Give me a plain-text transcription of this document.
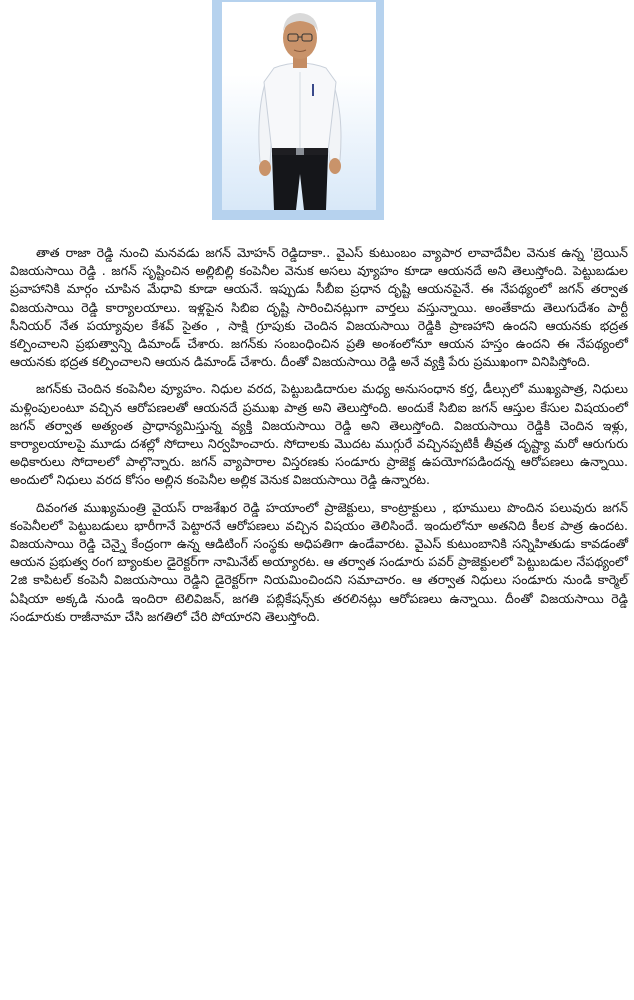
తాత రాజా రెడ్డి నుంచి మనవడు జగన్ మోహన్ రెడ్డిదాకా.. వైఎస్ కుటుంబం వ్యాపార లావాదేవీల వెనుక ఉన్న 'బ్రెయిన్ విజయసాయి రెడ్డి . జగన్ సృష్టించిన అల్లిబిల్లి కంపెనీల వెనుక అసలు వ్యూహం కూడా ఆయనదే అని తెలుస్తోంది. పెట్టుబడుల ప్రవాహానికి మార్గం చూపిన మేధావి కూడా ఆయనే. ఇప్పుడు సీబీఐ ప్రధాన దృష్టి ఆయనపైనే. ఈ నేపథ్యంలో జగన్ తర్వాత విజయసాయి రెడ్డి కార్యాలయాలు. ఇళ్లపైన సిబిఐ దృష్టి సారించినట్లుగా వార్తలు వస్తున్నాయి. అంతేకాదు తెలుగుదేశం పార్టీ సీనియర్ నేత పయ్యావుల కేశవ్ సైతం , సాక్షి గ్రూపుకు చెందిన విజయసాయి రెడ్డికి ప్రాణహాని ఉందని ఆయనకు భద్రత కల్పించాలని ప్రభుత్వాన్ని డిమాండ్ చేశారు. జగన్‌కు సంబంధించిన ప్రతి అంశంలోనూ ఆయన హస్తం ఉందని ఈ నేపథ్యంలో ఆయనకు భద్రత కల్పించాలని ఆయన డిమాండ్ చేశారు. దీంతో విజయసాయి రెడ్డి అనే వ్యక్తి పేరు ప్రముఖంగా వినిపిస్తోంది.

జగన్‌కు చెందిన కంపెనీల వ్యూహం. నిధుల వరద, పెట్టుబడిదారుల మధ్య అనుసంధాన కర్త, డీల్సులో ముఖ్యపాత్ర, నిధులు మళ్లింపులంటూ వచ్చిన ఆరోపణలతో ఆయనదే ప్రముఖ పాత్ర అని తెలుస్తోంది. అందుకే సిబిఐ జగన్ ఆస్తుల కేసుల విషయంలో జగన్ తర్వాత అత్యంత ప్రాధాన్యమిస్తున్న వ్యక్తి విజయసాయి రెడ్డి అని తెలుస్తోంది. విజయసాయి రెడ్డికి చెందిన ఇళ్లు, కార్యాలయాలపై మూడు దశల్లో సోదాలు నిర్వహించారు. సోదాలకు మొదట ముగ్గురే వచ్చినప్పటికీ తీవ్రత దృష్ట్యా మరో ఆరుగురు అధికారులు సోదాలలో పాల్గొన్నారు. జగన్ వ్యాపారాల విస్తరణకు సండూరు ప్రాజెక్ట ఉపయోగపడిందన్న ఆరోపణలు ఉన్నాయి. అందులో నిధులు వరద కోసం అల్లిన కంపెనీల అల్లిక వెనుక విజయసాయి రెడ్డి ఉన్నారట.

దివంగత ముఖ్యమంత్రి వైయస్ రాజశేఖర రెడ్డి హయాంలో ప్రాజెక్టులు, కాంట్రాక్టులు , భూములు పొందిన పలువురు జగన్ కంపెనీలలో పెట్టుబడులు భారీగానే పెట్టారనే ఆరోపణలు వచ్చిన విషయం తెలిసిందే. ఇందులోనూ అతనిది కీలక పాత్ర ఉందట. విజయసాయి రెడ్డి చెన్నై కేంద్రంగా ఉన్న ఆడిటింగ్ సంస్థకు అధిపతిగా ఉండేవారట. వైఎస్ కుటుంబానికి సన్నిహితుడు కావడంతో ఆయన ప్రభుత్వ రంగ బ్యాంకుల డైరెక్టర్‌గా నామినేట్ అయ్యారట. ఆ తర్వాత సండూరు పవర్ ప్రాజెక్టులలో పెట్టుబడుల నేపథ్యంలో 2జి కాపిటల్ కంపెనీ విజయసాయి రెడ్డిని డైరెక్టర్‌గా నియమించిందని సమాచారం. ఆ తర్వాత నిధులు సండూరు నుండి కార్మెల్ ఏషియా అక్కడి నుండి ఇందిరా టెలివిజన్, జగతి పబ్లికేషన్స్‌కు తరలినట్లు ఆరోపణలు ఉన్నాయి. దీంతో విజయసాయి రెడ్డి సండూరుకు రాజీనామా చేసి జగతిలో చేరి పోయారని తెలుస్తోంది.
